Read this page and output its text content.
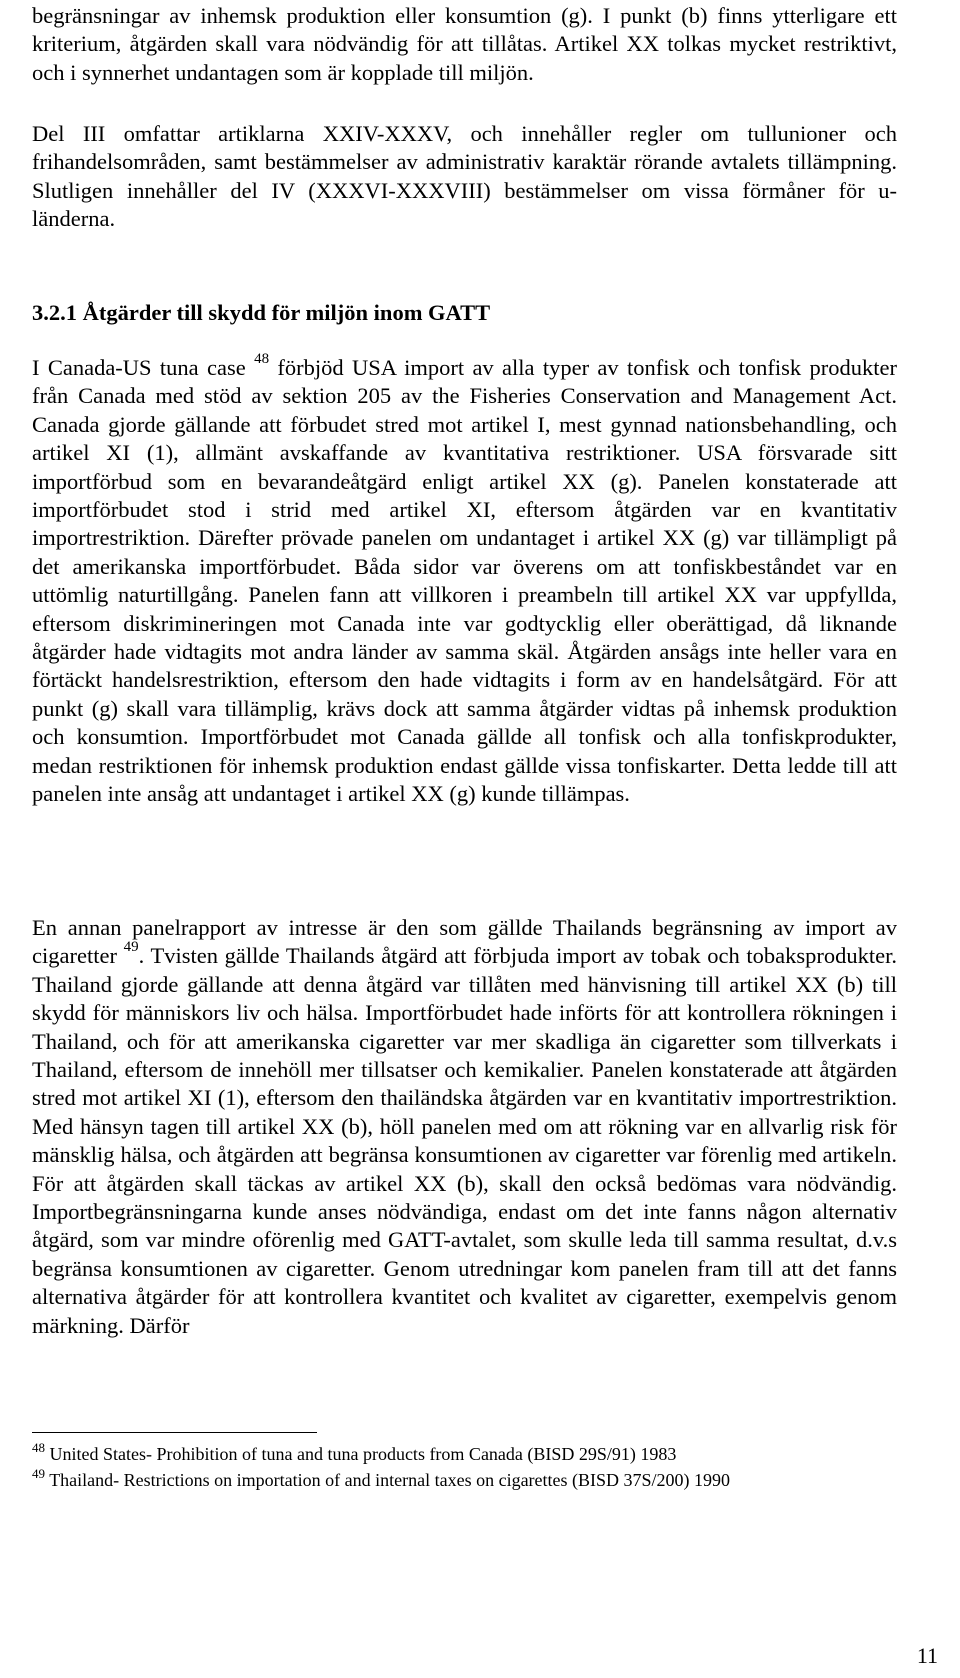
begränsningar av inhemsk produktion eller konsumtion (g). I punkt (b) finns ytterligare ett kriterium, åtgärden skall vara nödvändig för att tillåtas. Artikel XX tolkas mycket restriktivt, och i synnerhet undantagen som är kopplade till miljön.

Del III omfattar artiklarna XXIV-XXXV, och innehåller regler om tullunioner och frihandelsområden, samt bestämmelser av administrativ karaktär rörande avtalets tillämpning. Slutligen innehåller del IV (XXXVI-XXXVIII) bestämmelser om vissa förmåner för u-länderna.

3.2.1 Åtgärder till skydd för miljön inom GATT

I Canada-US tuna case $^{48}$ förbjöd USA import av alla typer av tonfisk och tonfisk produkter från Canada med stöd av sektion 205 av the Fisheries Conservation and Management Act. Canada gjorde gällande att förbudet stred mot artikel I, mest gynnad nationsbehandling, och artikel XI (1), allmänt avskaffande av kvantitativa restriktioner. USA försvarade sitt importförbud som en bevarandeåtgärd enligt artikel XX (g). Panelen konstaterade att importförbudet stod i strid med artikel XI, eftersom åtgärden var en kvantitativ importrestriktion. Därefter prövade panelen om undantaget i artikel XX (g) var tillämpligt på det amerikanska importförbudet. Båda sidor var överens om att tonfiskbeståndet var en uttömlig naturtillgång. Panelen fann att villkoren i preambeln till artikel XX var uppfyllda, eftersom diskrimineringen mot Canada inte var godtycklig eller oberättigad, då liknande åtgärder hade vidtagits mot andra länder av samma skäl. Åtgärden ansågs inte heller vara en förtäckt handelsrestriktion, eftersom den hade vidtagits i form av en handelsåtgärd. För att punkt (g) skall vara tillämplig, krävs dock att samma åtgärder vidtas på inhemsk produktion och konsumtion. Importförbudet mot Canada gällde all tonfisk och alla tonfiskprodukter, medan restriktionen för inhemsk produktion endast gällde vissa tonfiskarter. Detta ledde till att panelen inte ansåg att undantaget i artikel XX (g) kunde tillämpas.

En annan panelrapport av intresse är den som gällde Thailands begränsning av import av cigaretter $^{49}$. Tvisten gällde Thailands åtgärd att förbjuda import av tobak och tobaksprodukter. Thailand gjorde gällande att denna åtgärd var tillåten med hänvisning till artikel XX (b) till skydd för människors liv och hälsa. Importförbudet hade införts för att kontrollera rökningen i Thailand, och för att amerikanska cigaretter var mer skadliga än cigaretter som tillverkats i Thailand, eftersom de innehöll mer tillsatser och kemikalier. Panelen konstaterade att åtgärden stred mot artikel XI (1), eftersom den thailändska åtgärden var en kvantitativ importrestriktion. Med hänsyn tagen till artikel XX (b), höll panelen med om att rökning var en allvarlig risk för mänsklig hälsa, och åtgärden att begränsa konsumtionen av cigaretter var förenlig med artikeln. För att åtgärden skall täckas av artikel XX (b), skall den också bedömas vara nödvändig. Importbegränsningarna kunde anses nödvändiga, endast om det inte fanns någon alternativ åtgärd, som var mindre oförenlig med GATT-avtalet, som skulle leda till samma resultat, d.v.s begränsa konsumtionen av cigaretter. Genom utredningar kom panelen fram till att det fanns alternativa åtgärder för att kontrollera kvantitet och kvalitet av cigaretter, exempelvis genom märkning. Därför

$^{48}$ United States- Prohibition of tuna and tuna products from Canada (BISD 29S/91) 1983
$^{49}$ Thailand- Restrictions on importation of and internal taxes on cigarettes (BISD 37S/200) 1990
11
